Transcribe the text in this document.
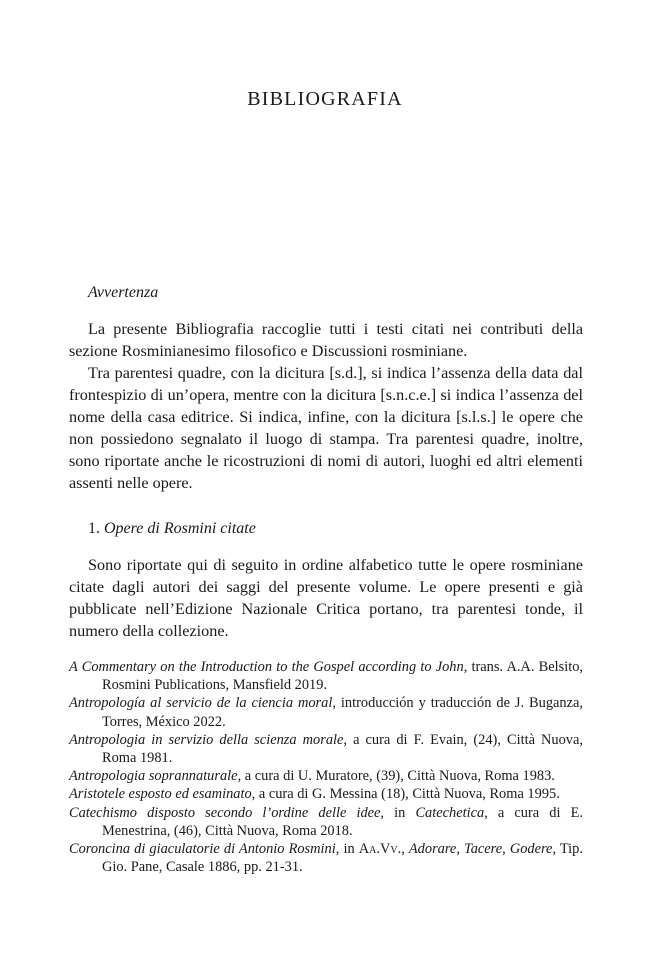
BIBLIOGRAFIA
Avvertenza

La presente Bibliografia raccoglie tutti i testi citati nei contributi della sezione Rosminianesimo filosofico e Discussioni rosminiane.

Tra parentesi quadre, con la dicitura [s.d.], si indica l’assenza della data dal frontespizio di un’opera, mentre con la dicitura [s.n.c.e.] si indica l’assenza del nome della casa editrice. Si indica, infine, con la dicitura [s.l.s.] le opere che non possiedono segnalato il luogo di stampa. Tra parentesi quadre, inoltre, sono riportate anche le ricostruzioni di nomi di autori, luoghi ed altri elementi assenti nelle opere.

1. Opere di Rosmini citate

Sono riportate qui di seguito in ordine alfabetico tutte le opere rosminiane citate dagli autori dei saggi del presente volume. Le opere presenti e già pubblicate nell’Edizione Nazionale Critica portano, tra parentesi tonde, il numero della collezione.

A Commentary on the Introduction to the Gospel according to John, trans. A.A. Belsito, Rosmini Publications, Mansfield 2019.
Antropología al servicio de la ciencia moral, introducción y traducción de J. Buganza, Torres, México 2022.
Antropologia in servizio della scienza morale, a cura di F. Evain, (24), Città Nuova, Roma 1981.
Antropologia soprannaturale, a cura di U. Muratore, (39), Città Nuova, Roma 1983.
Aristotele esposto ed esaminato, a cura di G. Messina (18), Città Nuova, Roma 1995.
Catechismo disposto secondo l’ordine delle idee, in Catechetica, a cura di E. Menestrina, (46), Città Nuova, Roma 2018.
Coroncina di giaculatorie di Antonio Rosmini, in Aa.Vv., Adorare, Tacere, Godere, Tip. Gio. Pane, Casale 1886, pp. 21-31.
